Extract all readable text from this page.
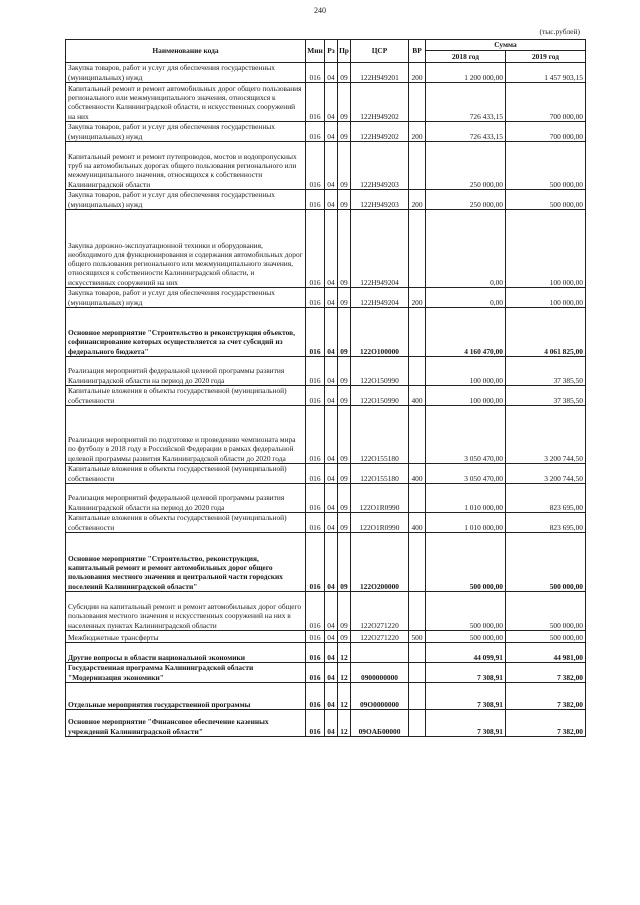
240
(тыс.рублей)
Наименование кода	Мин	Рз	Пр	ЦСР	ВР	Сумма	
						2018 год	2019 год
Закупка товаров, работ и услуг для обеспечения государственных (муниципальных) нужд	016	04	09	122H949201	200	1 200 000,00	1 457 903,15
Капитальный ремонт и ремонт автомобильных дорог общего пользования регионального или межмуниципального значения, относящихся к собственности Калининградской области, и искусственных сооружений на них	016	04	09	122H949202		726 433,15	700 000,00
Закупка товаров, работ и услуг для обеспечения государственных (муниципальных) нужд	016	04	09	122H949202	200	726 433,15	700 000,00
Капитальный ремонт и ремонт путепроводов, мостов и водопропускных труб на автомобильных дорогах общего пользования регионального или межмуниципального значения, относящихся к собственности Калининградской области	016	04	09	122H949203		250 000,00	500 000,00
Закупка товаров, работ и услуг для обеспечения государственных (муниципальных) нужд	016	04	09	122H949203	200	250 000,00	500 000,00
Закупка дорожно-эксплуатационной техники и оборудования, необходимого для функционирования и содержания автомобильных дорог общего пользования регионального или межмуниципального значения, относящихся к собственности Калининградской области, и искусственных сооружений на них	016	04	09	122H949204		0,00	100 000,00
Закупка товаров, работ и услуг для обеспечения государственных (муниципальных) нужд	016	04	09	122H949204	200	0,00	100 000,00
Основное мероприятие "Строительство и реконструкция объектов, софинансирование которых осуществляется за счет субсидий из федерального бюджета"	016	04	09	122O100000		4 160 470,00	4 061 825,00
Реализация мероприятий федеральной целевой программы развития Калининградской области на период до 2020 года	016	04	09	122O150990		100 000,00	37 385,50
Капитальные вложения в объекты государственной (муниципальной) собственности	016	04	09	122O150990	400	100 000,00	37 385,50
Реализация мероприятий по подготовке и проведению чемпионата мира по футболу в 2018 году в Российской Федерации в рамках федеральной целевой программы развития Калининградской области до 2020 года	016	04	09	122O155180		3 050 470,00	3 200 744,50
Капитальные вложения в объекты государственной (муниципальной) собственности	016	04	09	122O155180	400	3 050 470,00	3 200 744,50
Реализация мероприятий федеральной целевой программы развития Калининградской области на период до 2020 года	016	04	09	122O1R0990		1 010 000,00	823 695,00
Капитальные вложения в объекты государственной (муниципальной) собственности	016	04	09	122O1R0990	400	1 010 000,00	823 695,00
Основное мероприятие "Строительство, реконструкция, капитальный ремонт и ремонт автомобильных дорог общего пользования местного значения и центральной части городских поселений Калининградской области"	016	04	09	122O200000		500 000,00	500 000,00
Субсидии на капитальный ремонт и ремонт автомобильных дорог общего пользования местного значения и искусственных сооружений на них в населенных пунктах Калининградской области	016	04	09	122O271220		500 000,00	500 000,00
Межбюджетные трансферты	016	04	09	122O271220	500	500 000,00	500 000,00
Другие вопросы в области национальной экономики	016	04	12			44 099,91	44 981,00
Государственная программа Калининградской области "Модернизация экономики"	016	04	12	0900000000		7 308,91	7 382,00
Отдельные мероприятия государственной программы	016	04	12	09O0000000		7 308,91	7 382,00
Основное мероприятие "Финансовое обеспечение казенных учреждений Калининградской области"	016	04	12	09OAБ00000		7 308,91	7 382,00
